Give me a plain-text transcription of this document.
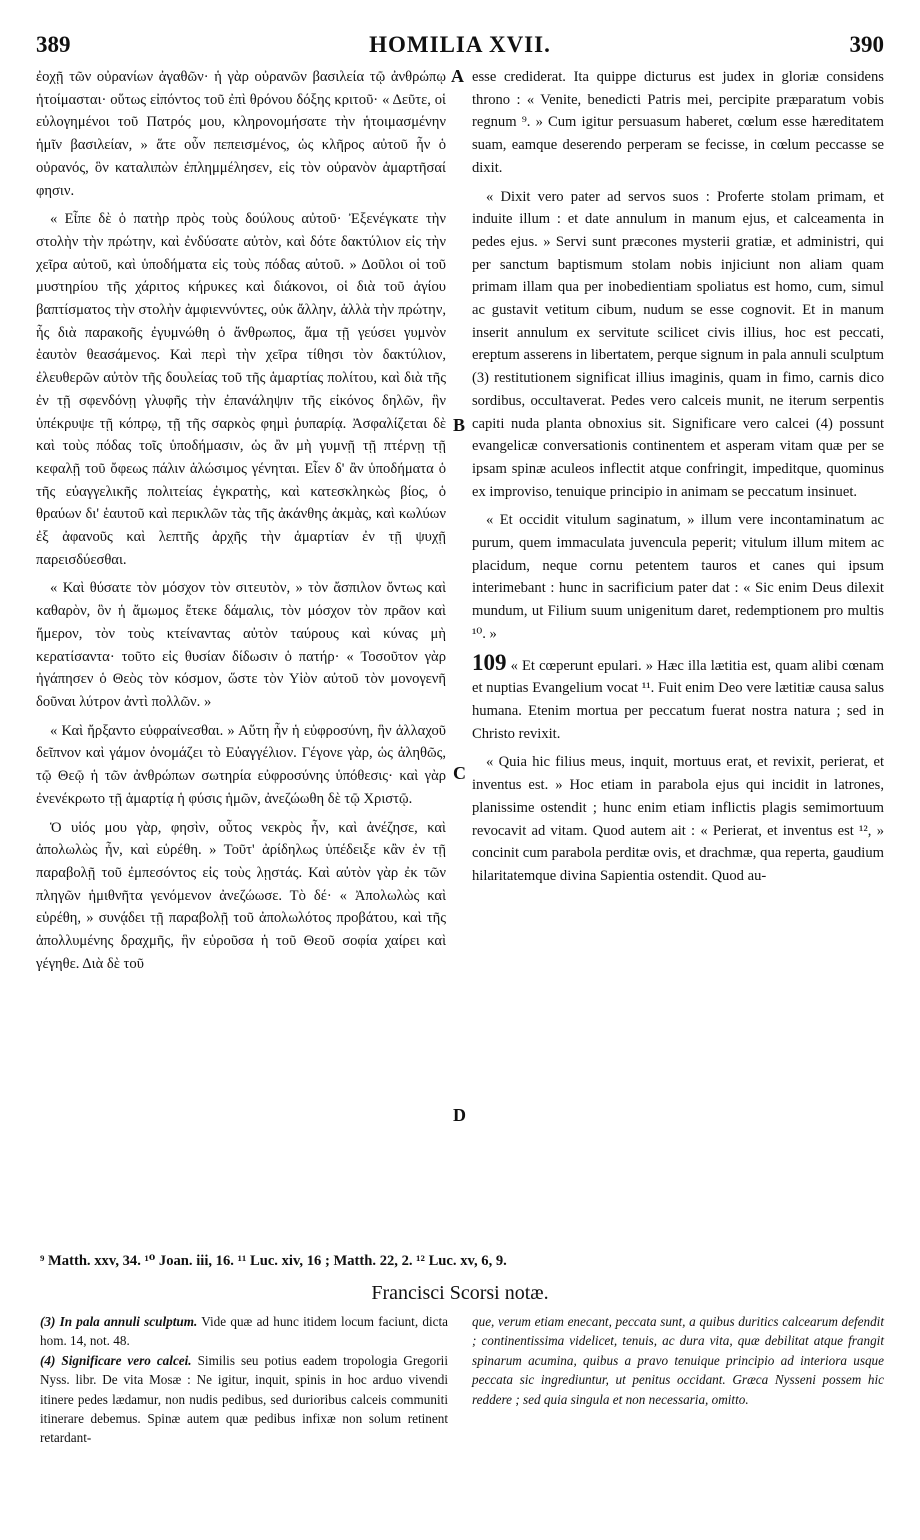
389	HOMILIA XVII.	390

ἐοχῇ τῶν οὐρανίων ἀγαθῶν· ἡ γὰρ οὐρανῶν βασιλεία τῷ ἀνθρώπῳ ἡτοίμασται· οὕτως εἰπόντος τοῦ ἐπὶ θρόνου δόξης κριτοῦ· « Δεῦτε, οἱ εὐλογημένοι τοῦ Πατρός μου, κληρονομήσατε τὴν ἡτοιμασμένην ἡμῖν βασιλείαν, » ἅτε οὖν πεπεισμένος, ὡς κλῆρος αὐτοῦ ἦν ὁ οὐρανός, ὃν καταλιπὼν ἐπλημμέλησεν, εἰς τὸν οὐρανὸν ἁμαρτῆσαί φησιν.

« Εἶπε δὲ ὁ πατὴρ πρὸς τοὺς δούλους αὐτοῦ· Ἐξενέγκατε τὴν στολὴν τὴν πρώτην, καὶ ἐνδύσατε αὐτὸν, καὶ δότε δακτύλιον εἰς τὴν χεῖρα αὐτοῦ, καὶ ὑποδήματα εἰς τοὺς πόδας αὐτοῦ. » Δοῦλοι οἱ τοῦ μυστηρίου τῆς χάριτος κήρυκες καὶ διάκονοι, οἱ διὰ τοῦ ἁγίου βαπτίσματος τὴν στολὴν ἀμφιεννύντες, οὐκ ἄλλην, ἀλλὰ τὴν πρώτην, ἧς διὰ παρακοῆς ἐγυμνώθη ὁ ἄνθρωπος, ἅμα τῇ γεύσει γυμνὸν ἑαυτὸν θεασάμενος. Καὶ περὶ τὴν χεῖρα τίθησι τὸν δακτύλιον, ἐλευθερῶν αὐτὸν τῆς δουλείας τοῦ τῆς ἁμαρτίας πολίτου, καὶ διὰ τῆς ἐν τῇ σφενδόνῃ γλυφῆς τὴν ἐπανάληψιν τῆς εἰκόνος δηλῶν, ἣν ὑπέκρυψε τῇ κόπρῳ, τῇ τῆς σαρκὸς φημὶ ῥυπαρίᾳ. Ἀσφαλίζεται δὲ καὶ τοὺς πόδας τοῖς ὑποδήμασιν, ὡς ἂν μὴ γυμνῇ τῇ πτέρνῃ τῇ κεφαλῇ τοῦ ὄφεως πάλιν ἁλώσιμος γένηται. Εἶεν δ' ἂν ὑποδήματα ὁ τῆς εὐαγγελικῆς πολιτείας ἐγκρατὴς, καὶ κατεσκληκὼς βίος, ὁ θραύων δι' ἑαυτοῦ καὶ περικλῶν τὰς τῆς ἀκάνθης ἀκμὰς, καὶ κωλύων ἐξ ἀφανοῦς καὶ λεπτῆς ἀρχῆς τὴν ἁμαρτίαν ἐν τῇ ψυχῇ παρεισδύεσθαι.

« Καὶ θύσατε τὸν μόσχον τὸν σιτευτὸν, » τὸν ἄσπιλον ὄντως καὶ καθαρὸν, ὃν ἡ ἄμωμος ἔτεκε δάμαλις, τὸν μόσχον τὸν πρᾶον καὶ ἥμερον, τὸν τοὺς κτείναντας αὐτὸν ταύρους καὶ κύνας μὴ κερατίσαντα· τοῦτο εἰς θυσίαν δίδωσιν ὁ πατήρ· « Τοσοῦτον γὰρ ἠγάπησεν ὁ Θεὸς τὸν κόσμον, ὥστε τὸν Υἱὸν αὐτοῦ τὸν μονογενῆ δοῦναι λύτρον ἀντὶ πολλῶν. »

« Καὶ ἤρξαντο εὐφραίνεσθαι. » Αὕτη ἦν ἡ εὐφροσύνη, ἣν ἀλλαχοῦ δεῖπνον καὶ γάμον ὀνομάζει τὸ Εὐαγγέλιον. Γέγονε γὰρ, ὡς ἀληθῶς, τῷ Θεῷ ἡ τῶν ἀνθρώπων σωτηρία εὐφροσύνης ὑπόθεσις· καὶ γὰρ ἐνενέκρωτο τῇ ἁμαρτίᾳ ἡ φύσις ἡμῶν, ἀνεζώωθη δὲ τῷ Χριστῷ.

Ὁ υἱός μου γὰρ, φησὶν, οὗτος νεκρὸς ἦν, καὶ ἀνέζησε, καὶ ἀπολωλὼς ἦν, καὶ εὑρέθη. » Τοῦτ' ἀρίδηλως ὑπέδειξε κἂν ἐν τῇ παραβολῇ τοῦ ἐμπεσόντος εἰς τοὺς λῃστάς. Καὶ αὐτὸν γὰρ ἐκ τῶν πληγῶν ἡμιθνῆτα γενόμενον ἀνεζώωσε. Τὸ δέ· « Ἀπολωλὼς καὶ εὑρέθη, » συνᾴδει τῇ παραβολῇ τοῦ ἀπολωλότος προβάτου, καὶ τῆς ἀπολλυμένης δραχμῆς, ἣν εὑροῦσα ἡ τοῦ Θεοῦ σοφία χαίρει καὶ γέγηθε. Διὰ δὲ τοῦ

A
B
C
D

esse crediderat. Ita quippe dicturus est judex in gloriæ considens throno : « Venite, benedicti Patris mei, percipite præparatum vobis regnum ⁹. » Cum igitur persuasum haberet, cœlum esse hæreditatem suam, eamque deserendo perperam se fecisse, in cœlum peccasse se dixit.

« Dixit vero pater ad servos suos : Proferte stolam primam, et induite illum : et date annulum in manum ejus, et calceamenta in pedes ejus. » Servi sunt præcones mysterii gratiæ, et administri, qui per sanctum baptismum stolam nobis injiciunt non aliam quam primam illam qua per inobedientiam spoliatus est homo, cum, simul ac gustavit vetitum cibum, nudum se esse cognovit. Et in manum inserit annulum ex servitute scilicet civis illius, hoc est peccati, ereptum asserens in libertatem, perque signum in pala annuli sculptum (3) restitutionem significat illius imaginis, quam in fimo, carnis dico sordibus, occultaverat. Pedes vero calceis munit, ne iterum serpentis capiti nuda planta obnoxius sit. Significare vero calcei (4) possunt evangelicæ conversationis continentem et asperam vitam quæ per se ipsam spinæ aculeos inflectit atque confringit, impeditque, quominus ex improviso, tenuique principio in animam se peccatum insinuet.

« Et occidit vitulum saginatum, » illum vere incontaminatum ac purum, quem immaculata juvencula peperit; vitulum illum mitem ac placidum, neque cornu petentem tauros et canes qui ipsum interimebant : hunc in sacrificium pater dat : « Sic enim Deus dilexit mundum, ut Filium suum unigenitum daret, redemptionem pro multis ¹⁰. »

109 « Et cœperunt epulari. » Hæc illa lætitia est, quam alibi cœnam et nuptias Evangelium vocat ¹¹. Fuit enim Deo vere lætitiæ causa salus humana. Etenim mortua per peccatum fuerat nostra natura ; sed in Christo revixit.

« Quia hic filius meus, inquit, mortuus erat, et revixit, perierat, et inventus est. » Hoc etiam in parabola ejus qui incidit in latrones, planissime ostendit ; hunc enim etiam inflictis plagis semimortuum revocavit ad vitam. Quod autem ait : « Perierat, et inventus est ¹², » concinit cum parabola perditæ ovis, et drachmæ, qua reperta, gaudium hilaritatemque divina Sapientia ostendit. Quod au-

⁹ Matth. xxv, 34. ¹⁰ Joan. iii, 16. ¹¹ Luc. xiv, 16 ; Matth. 22, 2. ¹² Luc. xv, 6, 9.
Francisci Scorsi notæ.

(3) In pala annuli sculptum. Vide quæ ad hunc itidem locum faciunt, dicta hom. 14, not. 48.

(4) Significare vero calcei. Similis seu potius eadem tropologia Gregorii Nyss. libr. De vita Mosæ : Ne igitur, inquit, spinis in hoc arduo vivendi itinere pedes lædamur, non nudis pedibus, sed durioribus calceis communiti itinerare debemus. Spinæ autem quæ pedibus infixæ non solum retinent retardant-

que, verum etiam enecant, peccata sunt, a quibus duritics calcearum defendit ; continentissima videlicet, tenuis, ac dura vita, quæ debilitat atque frangit spinarum acumina, quibus a pravo tenuique principio ad interiora usque peccata sic ingrediuntur, ut penitus occidant. Græca Nysseni possem hic reddere ; sed quia singula et non necessaria, omitto.
